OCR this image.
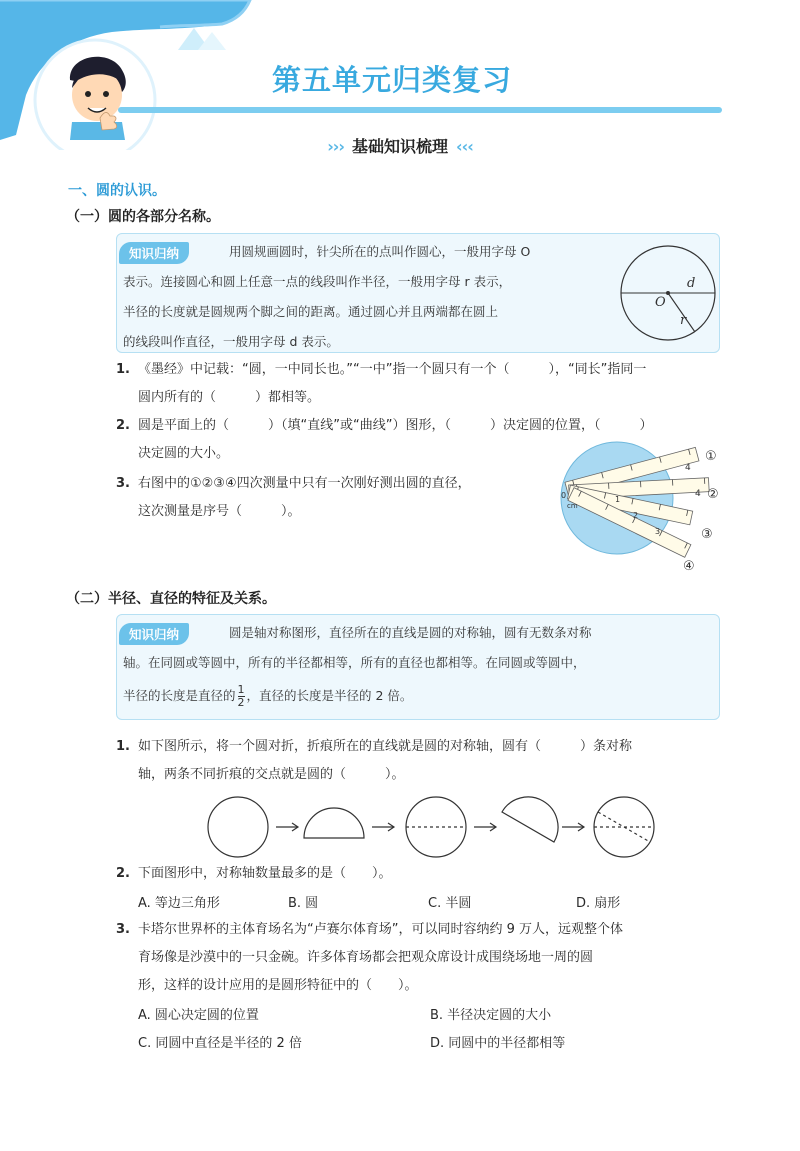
第五单元归类复习
››› 基础知识梳理 ‹‹‹
一、圆的认识。
（一）圆的各部分名称。
知识归纳	用圆规画圆时，针尖所在的点叫作圆心，一般用字母 O
表示。连接圆心和圆上任意一点的线段叫作半径，一般用字母 r 表示，
半径的长度就是圆规两个脚之间的距离。通过圆心并且两端都在圆上
的线段叫作直径，一般用字母 d 表示。
O
d
r
1. 《墨经》中记载：“圆，一中同长也。”“一中”指一个圆只有一个（　　　），“同长”指同一
圆内所有的（　　　）都相等。
2. 圆是平面上的（　　　）（填“直线”或“曲线”）图形，（　　　）决定圆的位置，（　　　）
决定圆的大小。
3. 右图中的①②③④四次测量中只有一次刚好测出圆的直径，
这次测量是序号（　　　）。
0
cm
4
4
1
2
3
①
②
③
④
（二）半径、直径的特征及关系。
知识归纳	圆是轴对称图形，直径所在的直线是圆的对称轴，圆有无数条对称
轴。在同圆或等圆中，所有的半径都相等，所有的直径也都相等。在同圆或等圆中，
半径的长度是直径的 $\frac{1}{2}$ ，直径的长度是半径的 2 倍。
1. 如下图所示，将一个圆对折，折痕所在的直线就是圆的对称轴，圆有（　　　）条对称
轴，两条不同折痕的交点就是圆的（　　　）。
2. 下面图形中，对称轴数量最多的是（　　）。
A. 等边三角形	B. 圆	C. 半圆	D. 扇形
3. 卡塔尔世界杯的主体育场名为“卢赛尔体育场”，可以同时容纳约 9 万人，远观整个体
育场像是沙漠中的一只金碗。许多体育场都会把观众席设计成围绕场地一周的圆
形，这样的设计应用的是圆形特征中的（　　）。
A. 圆心决定圆的位置	B. 半径决定圆的大小
C. 同圆中直径是半径的 2 倍	D. 同圆中的半径都相等
